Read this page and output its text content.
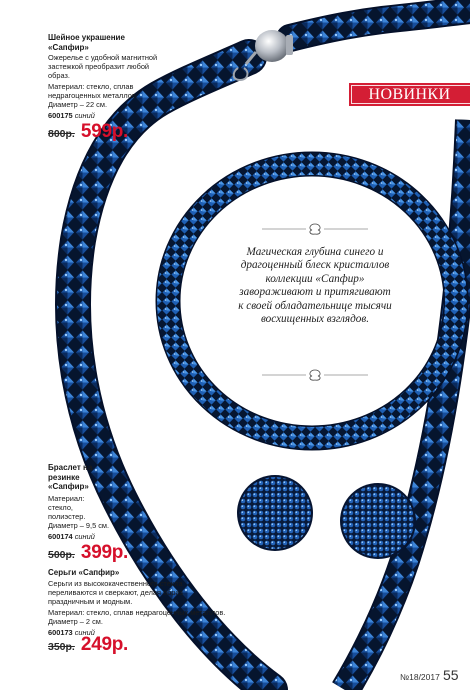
НОВИНКИ
Шейное украшение «Сапфир»
Ожерелье с удобной магнитной застежкой преобразит любой образ.
Материал: стекло, сплав недрагоценных металлов.
Диаметр – 22 см.
600175 синий
800р. 599р.
Браслет на резинке «Сапфир»
Материал: стекло, полиэстер.
Диаметр – 9,5 см.
600174 синий
500р. 399р.
Серьги «Сапфир»
Серьги из высококачественного стекла переливаются и сверкают, делая образ праздничным и модным.
Материал: стекло, сплав недрагоценных металлов.
Диаметр – 2 см.
600173 синий
350р. 249р.
Магическая глубина синего и драгоценный блеск кристаллов коллекции «Сапфир» завораживают и притягивают к своей обладательнице тысячи восхищенных взглядов.
№18/2017 55
